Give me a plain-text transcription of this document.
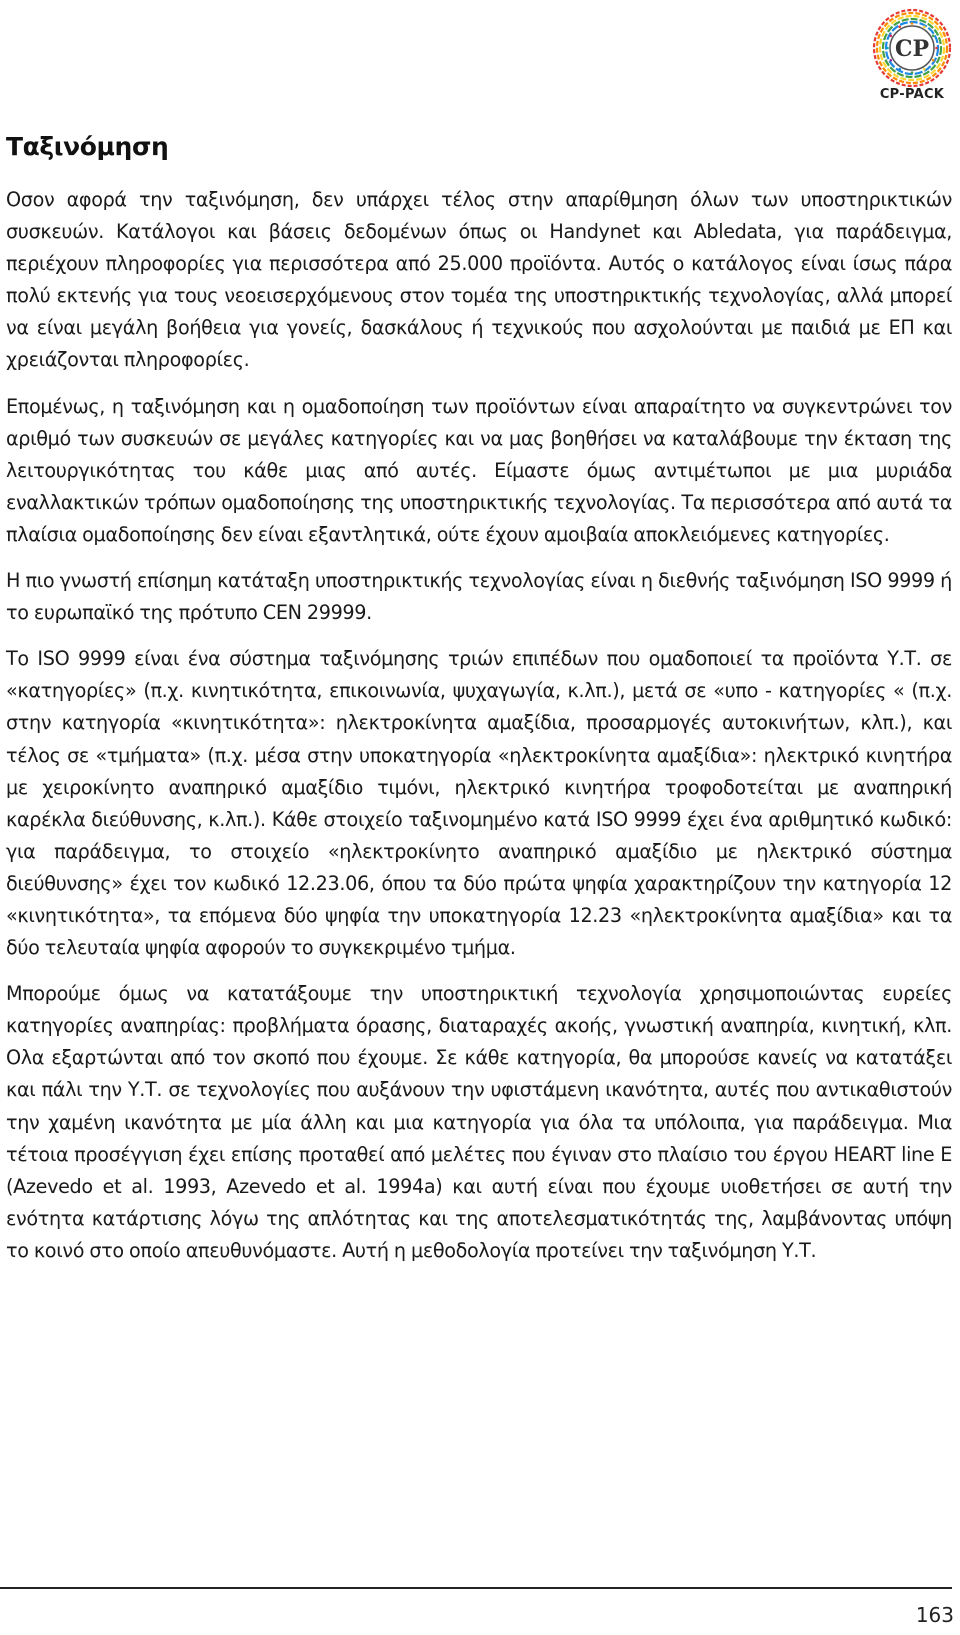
CP
CP-PACK
Ταξινόμηση

Οσον αφορά την ταξινόμηση, δεν υπάρχει τέλος στην απαρίθμηση όλων των υποστηρικτικών συσκευών. Κατάλογοι και βάσεις δεδομένων όπως οι Handynet και Abledata, για παράδειγμα, περιέχουν πληροφορίες για περισσότερα από 25.000 προϊόντα. Αυτός ο κατάλογος είναι ίσως πάρα πολύ εκτενής για τους νεοεισερχόμενους στον τομέα της υποστηρικτικής τεχνολογίας, αλλά μπορεί να είναι μεγάλη βοήθεια για γονείς, δασκάλους ή τεχνικούς που ασχολούνται με παιδιά με ΕΠ και χρειάζονται πληροφορίες.

Επομένως, η ταξινόμηση και η ομαδοποίηση των προϊόντων είναι απαραίτητο να συγκεντρώνει τον αριθμό των συσκευών σε μεγάλες κατηγορίες και να μας βοηθήσει να καταλάβουμε την έκταση της λειτουργικότητας του κάθε μιας από αυτές. Είμαστε όμως αντιμέτωποι με μια μυριάδα εναλλακτικών τρόπων ομαδοποίησης της υποστηρικτικής τεχνολογίας. Τα περισσότερα από αυτά τα πλαίσια ομαδοποίησης δεν είναι εξαντλητικά, ούτε έχουν αμοιβαία αποκλειόμενες κατηγορίες.

Η πιο γνωστή επίσημη κατάταξη υποστηρικτικής τεχνολογίας είναι η διεθνής ταξινόμηση ISO 9999 ή το ευρωπαϊκό της πρότυπο CEN 29999.

Το ISO 9999 είναι ένα σύστημα ταξινόμησης τριών επιπέδων που ομαδοποιεί τα προϊόντα Υ.Τ. σε «κατηγορίες» (π.χ. κινητικότητα, επικοινωνία, ψυχαγωγία, κ.λπ.), μετά σε «υπο - κατηγορίες « (π.χ. στην κατηγορία «κινητικότητα»: ηλεκτροκίνητα αμαξίδια, προσαρμογές αυτοκινήτων, κλπ.), και τέλος σε «τμήματα» (π.χ. μέσα στην υποκατηγορία «ηλεκτροκίνητα αμαξίδια»: ηλεκτρικό κινητήρα με χειροκίνητο αναπηρικό αμαξίδιο τιμόνι, ηλεκτρικό κινητήρα τροφοδοτείται με αναπηρική καρέκλα διεύθυνσης, κ.λπ.). Κάθε στοιχείο ταξινομημένο κατά ISO 9999 έχει ένα αριθμητικό κωδικό: για παράδειγμα, το στοιχείο «ηλεκτροκίνητο αναπηρικό αμαξίδιο με ηλεκτρικό σύστημα διεύθυνσης» έχει τον κωδικό 12.23.06, όπου τα δύο πρώτα ψηφία χαρακτηρίζουν την κατηγορία 12 «κινητικότητα», τα επόμενα δύο ψηφία την υποκατηγορία 12.23 «ηλεκτροκίνητα αμαξίδια» και τα δύο τελευταία ψηφία αφορούν το συγκεκριμένο τμήμα.

Μπορούμε όμως να κατατάξουμε την υποστηρικτική τεχνολογία χρησιμοποιώντας ευρείες κατηγορίες αναπηρίας: προβλήματα όρασης, διαταραχές ακοής, γνωστική αναπηρία, κινητική, κλπ. Ολα εξαρτώνται από τον σκοπό που έχουμε. Σε κάθε κατηγορία, θα μπορούσε κανείς να κατατάξει και πάλι την Υ.Τ. σε τεχνολογίες που αυξάνουν την υφιστάμενη ικανότητα, αυτές που αντικαθιστούν την χαμένη ικανότητα με μία άλλη και μια κατηγορία για όλα τα υπόλοιπα, για παράδειγμα. Μια τέτοια προσέγγιση έχει επίσης προταθεί από μελέτες που έγιναν στο πλαίσιο του έργου HEART line E (Azevedo et al. 1993, Azevedo et al. 1994a) και αυτή είναι που έχουμε υιοθετήσει σε αυτή την ενότητα κατάρτισης λόγω της απλότητας και της αποτελεσματικότητάς της, λαμβάνοντας υπόψη το κοινό στο οποίο απευθυνόμαστε. Αυτή η μεθοδολογία προτείνει την ταξινόμηση Υ.Τ.

163
